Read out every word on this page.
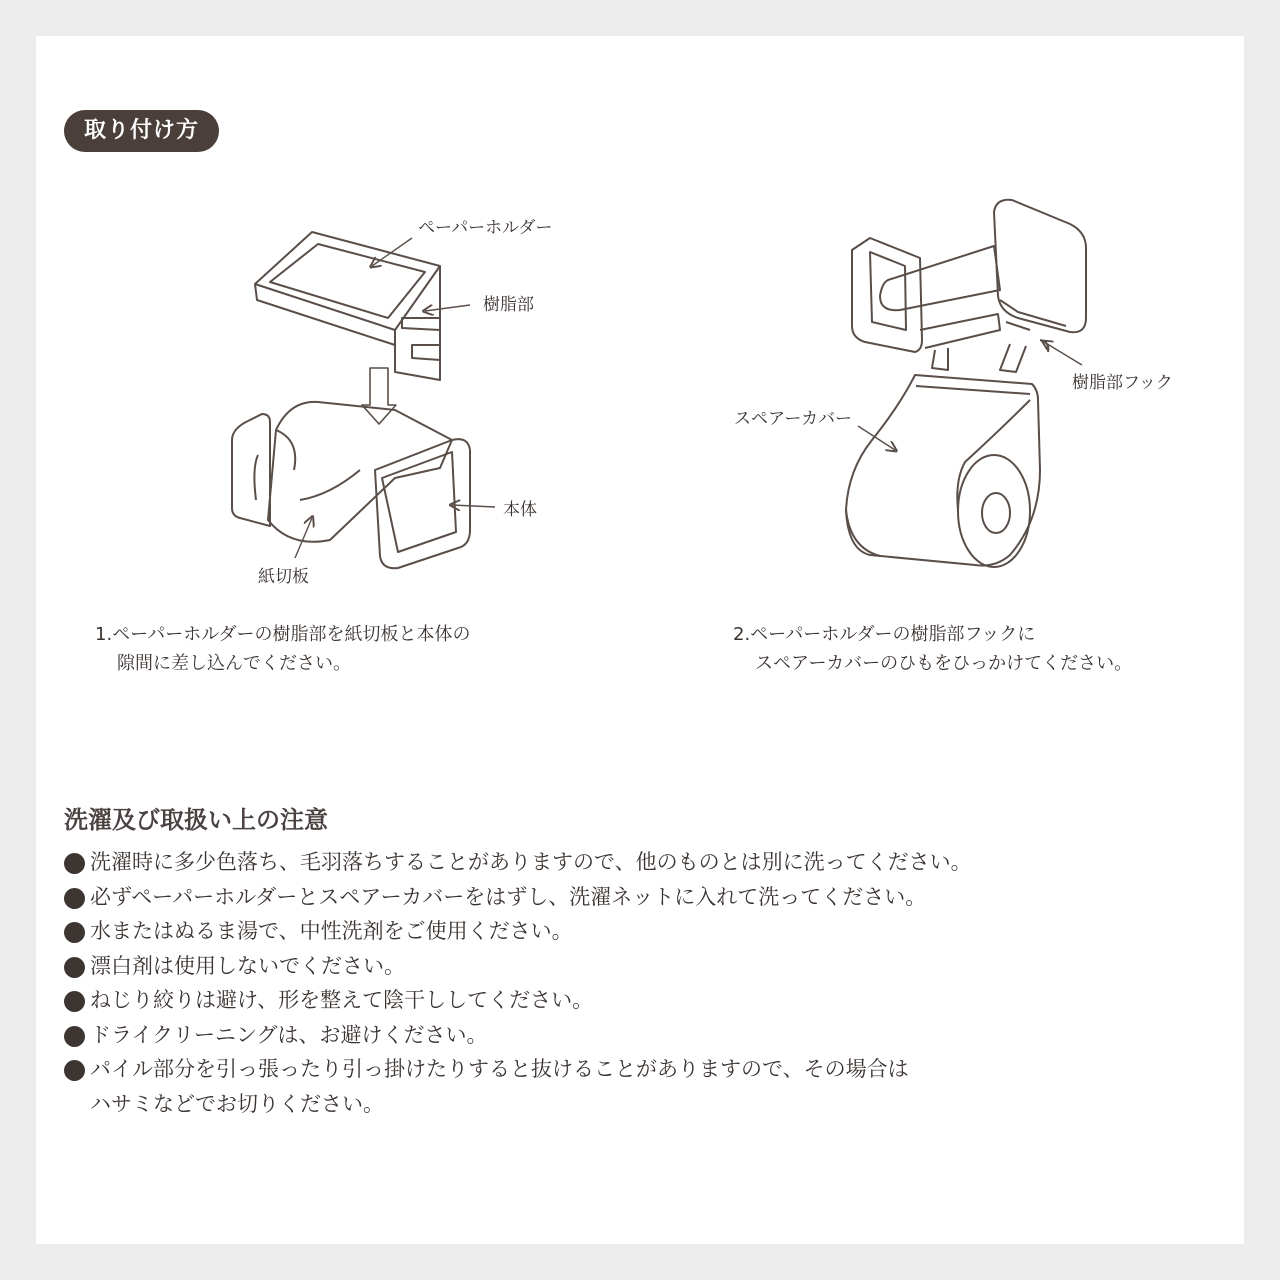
取り付け方
ペーパーホルダー
樹脂部
本体
紙切板
樹脂部フック
スペアーカバー
1.ペーパーホルダーの樹脂部を紙切板と本体の
隙間に差し込んでください。
2.ペーパーホルダーの樹脂部フックに
スペアーカバーのひもをひっかけてください。
洗濯及び取扱い上の注意
洗濯時に多少色落ち、毛羽落ちすることがありますので、他のものとは別に洗ってください。
必ずペーパーホルダーとスペアーカバーをはずし、洗濯ネットに入れて洗ってください。
水またはぬるま湯で、中性洗剤をご使用ください。
漂白剤は使用しないでください。
ねじり絞りは避け、形を整えて陰干ししてください。
ドライクリーニングは、お避けください。
パイル部分を引っ張ったり引っ掛けたりすると抜けることがありますので、その場合は
ハサミなどでお切りください。
